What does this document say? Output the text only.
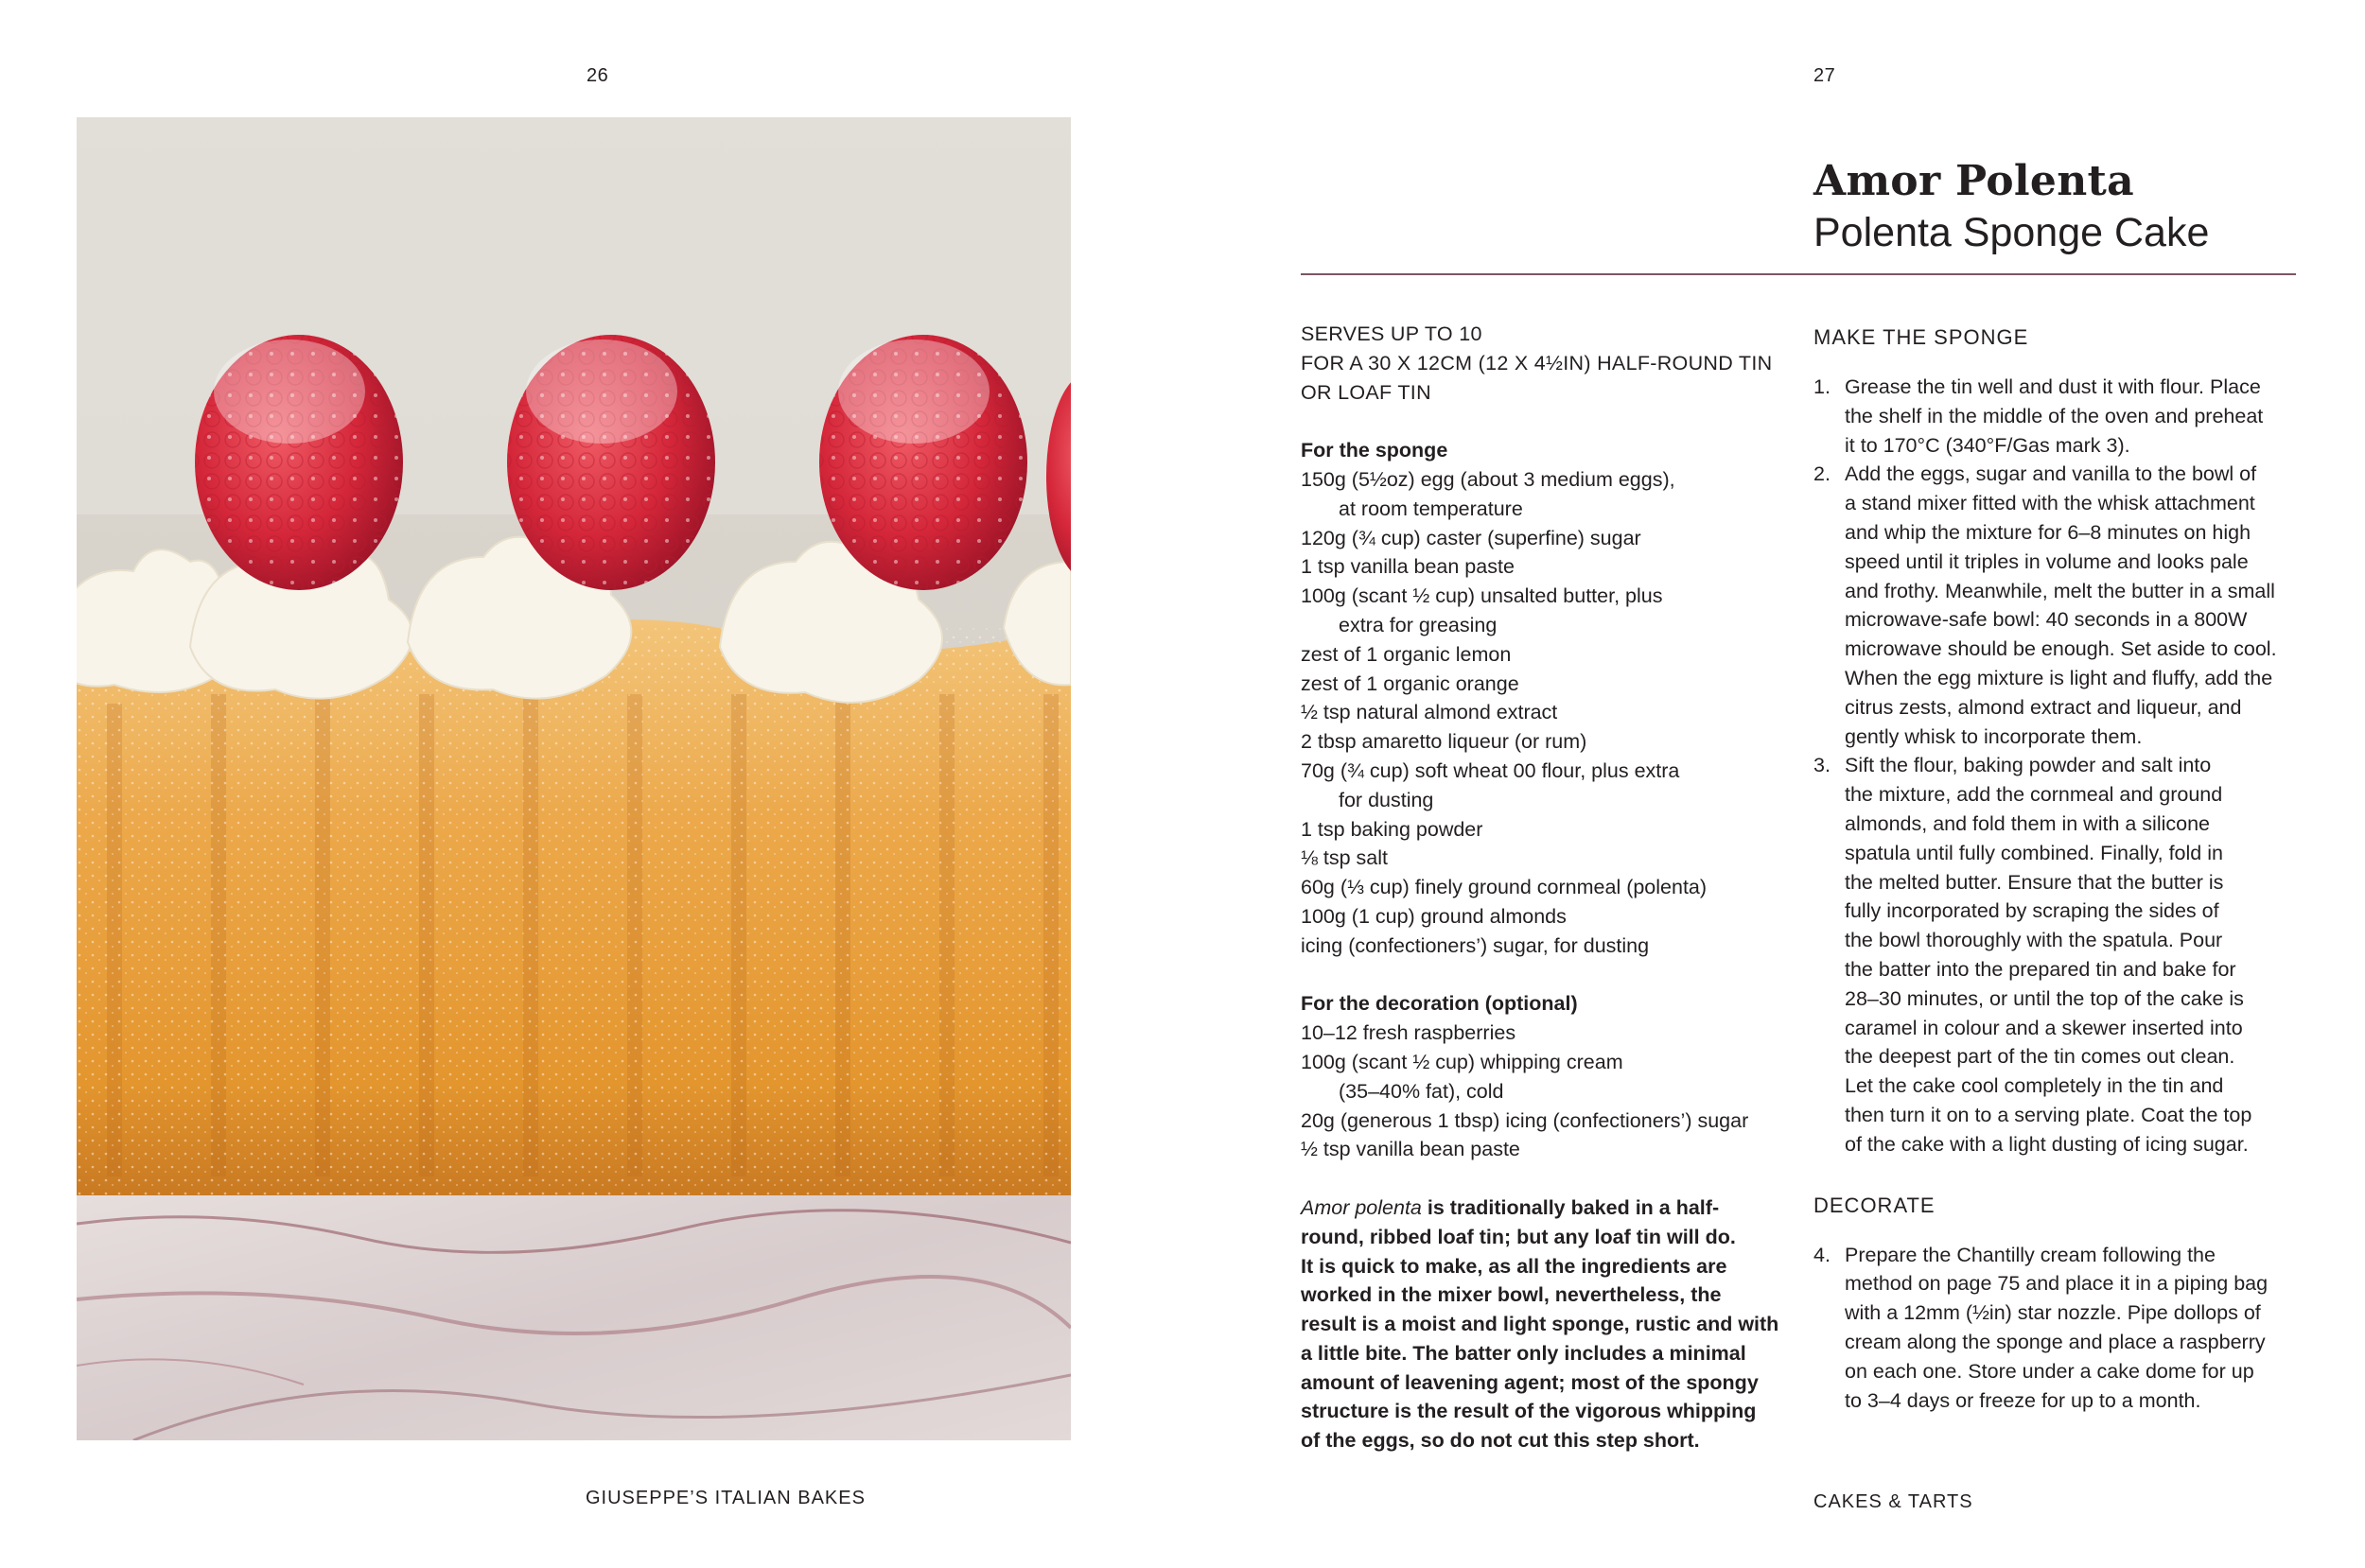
26
GIUSEPPE’S ITALIAN BAKES
27
Amor Polenta
Polenta Sponge Cake
SERVES UP TO 10
FOR A 30 X 12CM (12 X 4½IN) HALF-ROUND TIN
OR LOAF TIN
For the sponge
150g (5½oz) egg (about 3 medium eggs),
at room temperature
120g (¾ cup) caster (superfine) sugar
1 tsp vanilla bean paste
100g (scant ½ cup) unsalted butter, plus
extra for greasing
zest of 1 organic lemon
zest of 1 organic orange
½ tsp natural almond extract
2 tbsp amaretto liqueur (or rum)
70g (¾ cup) soft wheat 00 flour, plus extra
for dusting
1 tsp baking powder
⅛ tsp salt
60g (⅓ cup) finely ground cornmeal (polenta)
100g (1 cup) ground almonds
icing (confectioners’) sugar, for dusting
For the decoration (optional)
10–12 fresh raspberries
100g (scant ½ cup) whipping cream
(35–40% fat), cold
20g (generous 1 tbsp) icing (confectioners’) sugar
½ tsp vanilla bean paste
Amor polenta is traditionally baked in a half-
round, ribbed loaf tin; but any loaf tin will do.
It is quick to make, as all the ingredients are
worked in the mixer bowl, nevertheless, the
result is a moist and light sponge, rustic and with
a little bite. The batter only includes a minimal
amount of leavening agent; most of the spongy
structure is the result of the vigorous whipping
of the eggs, so do not cut this step short.
MAKE THE SPONGE
1. Grease the tin well and dust it with flour. Place
the shelf in the middle of the oven and preheat
it to 170°C (340°F/Gas mark 3).
2. Add the eggs, sugar and vanilla to the bowl of
a stand mixer fitted with the whisk attachment
and whip the mixture for 6–8 minutes on high
speed until it triples in volume and looks pale
and frothy. Meanwhile, melt the butter in a small
microwave-safe bowl: 40 seconds in a 800W
microwave should be enough. Set aside to cool.
When the egg mixture is light and fluffy, add the
citrus zests, almond extract and liqueur, and
gently whisk to incorporate them.
3. Sift the flour, baking powder and salt into
the mixture, add the cornmeal and ground
almonds, and fold them in with a silicone
spatula until fully combined. Finally, fold in
the melted butter. Ensure that the butter is
fully incorporated by scraping the sides of
the bowl thoroughly with the spatula. Pour
the batter into the prepared tin and bake for
28–30 minutes, or until the top of the cake is
caramel in colour and a skewer inserted into
the deepest part of the tin comes out clean.
Let the cake cool completely in the tin and
then turn it on to a serving plate. Coat the top
of the cake with a light dusting of icing sugar.
DECORATE
4. Prepare the Chantilly cream following the
method on page 75 and place it in a piping bag
with a 12mm (½in) star nozzle. Pipe dollops of
cream along the sponge and place a raspberry
on each one. Store under a cake dome for up
to 3–4 days or freeze for up to a month.
CAKES & TARTS
